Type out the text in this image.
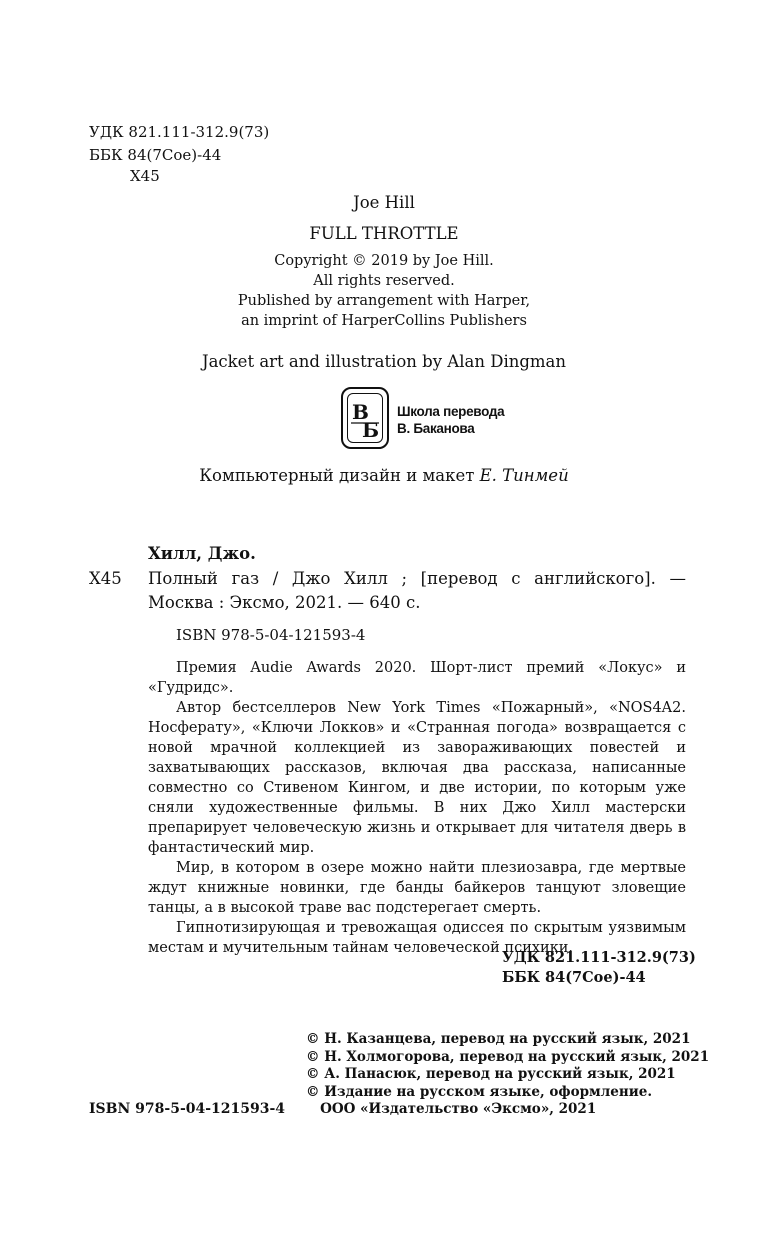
УДК 821.111-312.9(73)
ББК 84(7Сое)-44
Х45
Joe Hill
FULL THROTTLE
Copyright © 2019 by Joe Hill.
All rights reserved.
Published by arrangement with Harper,
an imprint of HarperCollins Publishers
Jacket art and illustration by Alan Dingman
В
Б
Школа перевода
В. Баканова
Компьютерный дизайн и макет Е. Тинмей
Хилл, Джо.
Х45 Полный газ / Джо Хилл ; [перевод с английского]. —
Москва : Эксмо, 2021. — 640 с.
ISBN 978-5-04-121593-4

Премия Audie Awards 2020. Шорт-лист премий «Локус» и «Гудридс».

Автор бестселлеров New York Times «Пожарный», «NOS4A2. Носферату», «Ключи Локков» и «Странная погода» возвращается с новой мрачной коллекцией из завораживающих повестей и захватывающих рассказов, включая два рассказа, написанные совместно со Стивеном Кингом, и две истории, по которым уже сняли художественные фильмы. В них Джо Хилл мастерски препарирует человеческую жизнь и открывает для читателя дверь в фантастический мир.

Мир, в котором в озере можно найти плезиозавра, где мертвые ждут книжные новинки, где банды байкеров танцуют зловещие танцы, а в высокой траве вас подстерегает смерть.

Гипнотизирующая и тревожащая одиссея по скрытым уязвимым местам и мучительным тайнам человеческой психики.

УДК 821.111-312.9(73)
ББК 84(7Сое)-44
© Н. Казанцева, перевод на русский язык, 2021
© Н. Холмогорова, перевод на русский язык, 2021
© А. Панасюк, перевод на русский язык, 2021
© Издание на русском языке, оформление.
ООО «Издательство «Эксмо», 2021
ISBN 978-5-04-121593-4
